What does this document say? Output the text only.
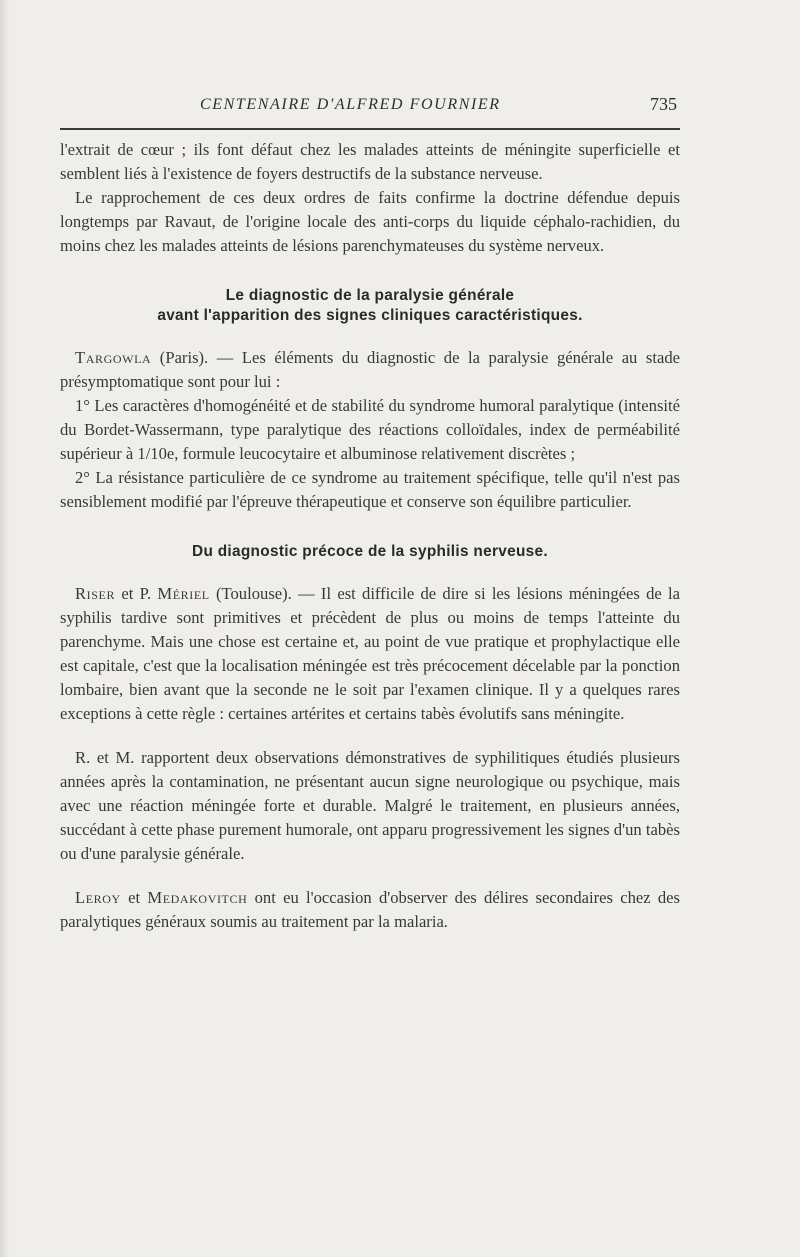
CENTENAIRE D'ALFRED FOURNIER	735

l'extrait de cœur ; ils font défaut chez les malades atteints de méningite superficielle et semblent liés à l'existence de foyers destructifs de la substance nerveuse.

Le rapprochement de ces deux ordres de faits confirme la doctrine défendue depuis longtemps par Ravaut, de l'origine locale des anti-corps du liquide céphalo-rachidien, du moins chez les malades atteints de lésions parenchymateuses du système nerveux.

Le diagnostic de la paralysie générale
avant l'apparition des signes cliniques caractéristiques.

Targowla (Paris). — Les éléments du diagnostic de la paralysie générale au stade présymptomatique sont pour lui :

1° Les caractères d'homogénéité et de stabilité du syndrome humoral paralytique (intensité du Bordet-Wassermann, type paralytique des réactions colloïdales, index de perméabilité supérieur à 1/10e, formule leucocytaire et albuminose relativement discrètes ;

2° La résistance particulière de ce syndrome au traitement spécifique, telle qu'il n'est pas sensiblement modifié par l'épreuve thérapeutique et conserve son équilibre particulier.

Du diagnostic précoce de la syphilis nerveuse.

Riser et P. Mériel (Toulouse). — Il est difficile de dire si les lésions méningées de la syphilis tardive sont primitives et précèdent de plus ou moins de temps l'atteinte du parenchyme. Mais une chose est certaine et, au point de vue pratique et prophylactique elle est capitale, c'est que la localisation méningée est très précocement décelable par la ponction lombaire, bien avant que la seconde ne le soit par l'examen clinique. Il y a quelques rares exceptions à cette règle : certaines artérites et certains tabès évolutifs sans méningite.

R. et M. rapportent deux observations démonstratives de syphilitiques étudiés plusieurs années après la contamination, ne présentant aucun signe neurologique ou psychique, mais avec une réaction méningée forte et durable. Malgré le traitement, en plusieurs années, succédant à cette phase purement humorale, ont apparu progressivement les signes d'un tabès ou d'une paralysie générale.

Leroy et Medakovitch ont eu l'occasion d'observer des délires secondaires chez des paralytiques généraux soumis au traitement par la malaria.
